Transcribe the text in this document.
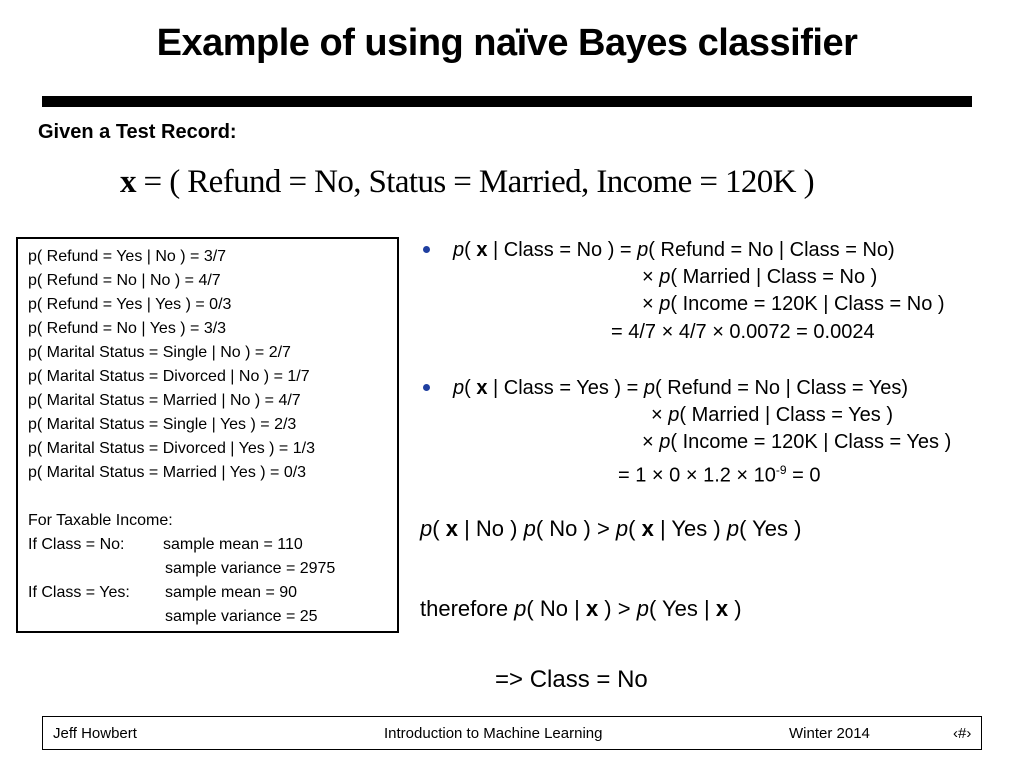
Example of using naïve Bayes classifier
Given a Test Record:
x = ( Refund = No, Status = Married, Income = 120K )
p( Refund = Yes | No ) = 3/7
p( Refund = No | No ) = 4/7
p( Refund = Yes | Yes ) = 0/3
p( Refund = No | Yes ) = 3/3
p( Marital Status = Single | No ) = 2/7
p( Marital Status = Divorced | No ) = 1/7
p( Marital Status = Married | No ) = 4/7
p( Marital Status = Single | Yes ) = 2/3
p( Marital Status = Divorced | Yes ) = 1/3
p( Marital Status = Married | Yes ) = 0/3
For Taxable Income:
If Class = No: sample mean = 110
sample variance = 2975
If Class = Yes: sample mean = 90
sample variance = 25
p( x | Class = No ) = p( Refund = No | Class = No)
× p( Married | Class = No )
× p( Income = 120K | Class = No )
= 4/7 × 4/7 × 0.0072 = 0.0024
p( x | Class = Yes ) = p( Refund = No | Class = Yes)
× p( Married | Class = Yes )
× p( Income = 120K | Class = Yes )
= $1 \times 0 \times 1.2 \times 10^{-9} = 0$
p( x | No ) p( No ) > p( x | Yes ) p( Yes )
therefore p( No | x ) > p( Yes | x )
=> Class = No
Jeff Howbert	Introduction to Machine Learning	Winter 2014	‹#›
